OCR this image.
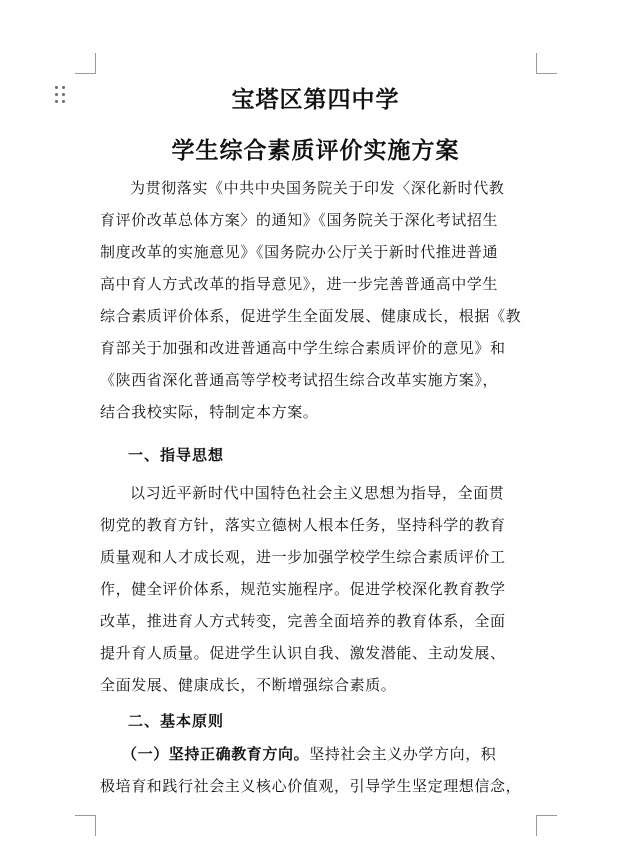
宝塔区第四中学
学生综合素质评价实施方案
为贯彻落实《中共中央国务院关于印发〈深化新时代教
育评价改革总体方案〉的通知》《国务院关于深化考试招生
制度改革的实施意见》《国务院办公厅关于新时代推进普通
高中育人方式改革的指导意见》，进一步完善普通高中学生
综合素质评价体系，促进学生全面发展、健康成长，根据《教
育部关于加强和改进普通高中学生综合素质评价的意见》和
《陕西省深化普通高等学校考试招生综合改革实施方案》，
结合我校实际，特制定本方案。
一、指导思想
以习近平新时代中国特色社会主义思想为指导，全面贯
彻党的教育方针，落实立德树人根本任务，坚持科学的教育
质量观和人才成长观，进一步加强学校学生综合素质评价工
作，健全评价体系，规范实施程序。促进学校深化教育教学
改革，推进育人方式转变，完善全面培养的教育体系，全面
提升育人质量。促进学生认识自我、激发潜能、主动发展、
全面发展、健康成长，不断增强综合素质。
二、基本原则
（一）坚持正确教育方向。坚持社会主义办学方向，积
极培育和践行社会主义核心价值观，引导学生坚定理想信念，
